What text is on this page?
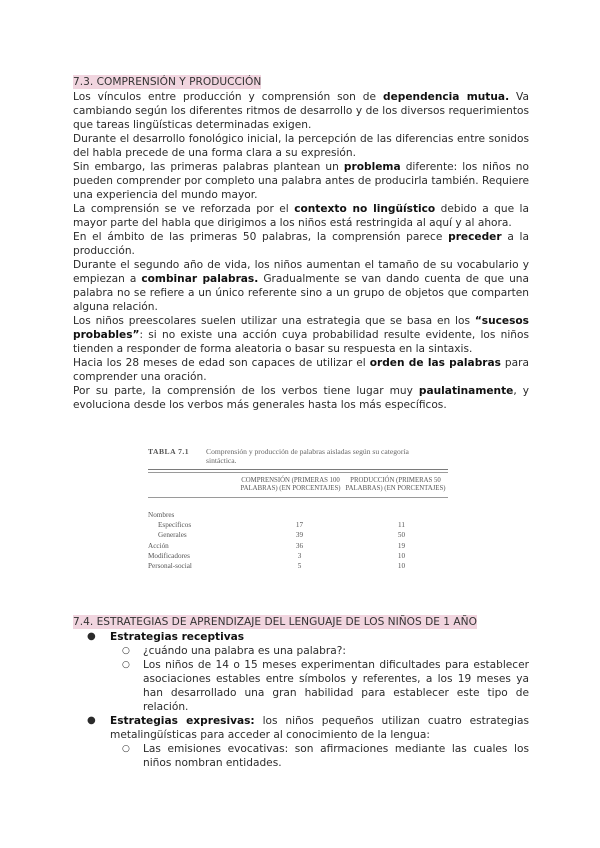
7.3. COMPRENSIÓN Y PRODUCCIÓN

Los vínculos entre producción y comprensión son de dependencia mutua. Va cambiando según los diferentes ritmos de desarrollo y de los diversos requerimientos que tareas lingüísticas determinadas exigen.

Durante el desarrollo fonológico inicial, la percepción de las diferencias entre sonidos del habla precede de una forma clara a su expresión.

Sin embargo, las primeras palabras plantean un problema diferente: los niños no pueden comprender por completo una palabra antes de producirla también. Requiere una experiencia del mundo mayor.

La comprensión se ve reforzada por el contexto no lingüístico debido a que la mayor parte del habla que dirigimos a los niños está restringida al aquí y al ahora.

En el ámbito de las primeras 50 palabras, la comprensión parece preceder a la producción.

Durante el segundo año de vida, los niños aumentan el tamaño de su vocabulario y empiezan a combinar palabras. Gradualmente se van dando cuenta de que una palabra no se refiere a un único referente sino a un grupo de objetos que comparten alguna relación.

Los niños preescolares suelen utilizar una estrategia que se basa en los “sucesos probables”: si no existe una acción cuya probabilidad resulte evidente, los niños tienden a responder de forma aleatoria o basar su respuesta en la sintaxis.

Hacia los 28 meses de edad son capaces de utilizar el orden de las palabras para comprender una oración.

Por su parte, la comprensión de los verbos tiene lugar muy paulatinamente, y evoluciona desde los verbos más generales hasta los más específicos.

TABLA 7.1	Comprensión y producción de palabras aisladas según su categoría sintáctica.
COMPRENSIÓN (PRIMERAS 100 PALABRAS) (EN PORCENTAJES)
PRODUCCIÓN (PRIMERAS 50 PALABRAS) (EN PORCENTAJES)
Nombres
Específicos	17	11
Generales	39	50
Acción	36	19
Modificadores	3	10
Personal-social	5	10
7.4. ESTRATEGIAS DE APRENDIZAJE DEL LENGUAJE DE LOS NIÑOS DE 1 AÑO
● Estrategias receptivas
○ ¿cuándo una palabra es una palabra?:
○ Los niños de 14 o 15 meses experimentan dificultades para establecer asociaciones estables entre símbolos y referentes, a los 19 meses ya han desarrollado una gran habilidad para establecer este tipo de relación.
● Estrategias expresivas: los niños pequeños utilizan cuatro estrategias metalingüísticas para acceder al conocimiento de la lengua:
○ Las emisiones evocativas: son afirmaciones mediante las cuales los niños nombran entidades.
